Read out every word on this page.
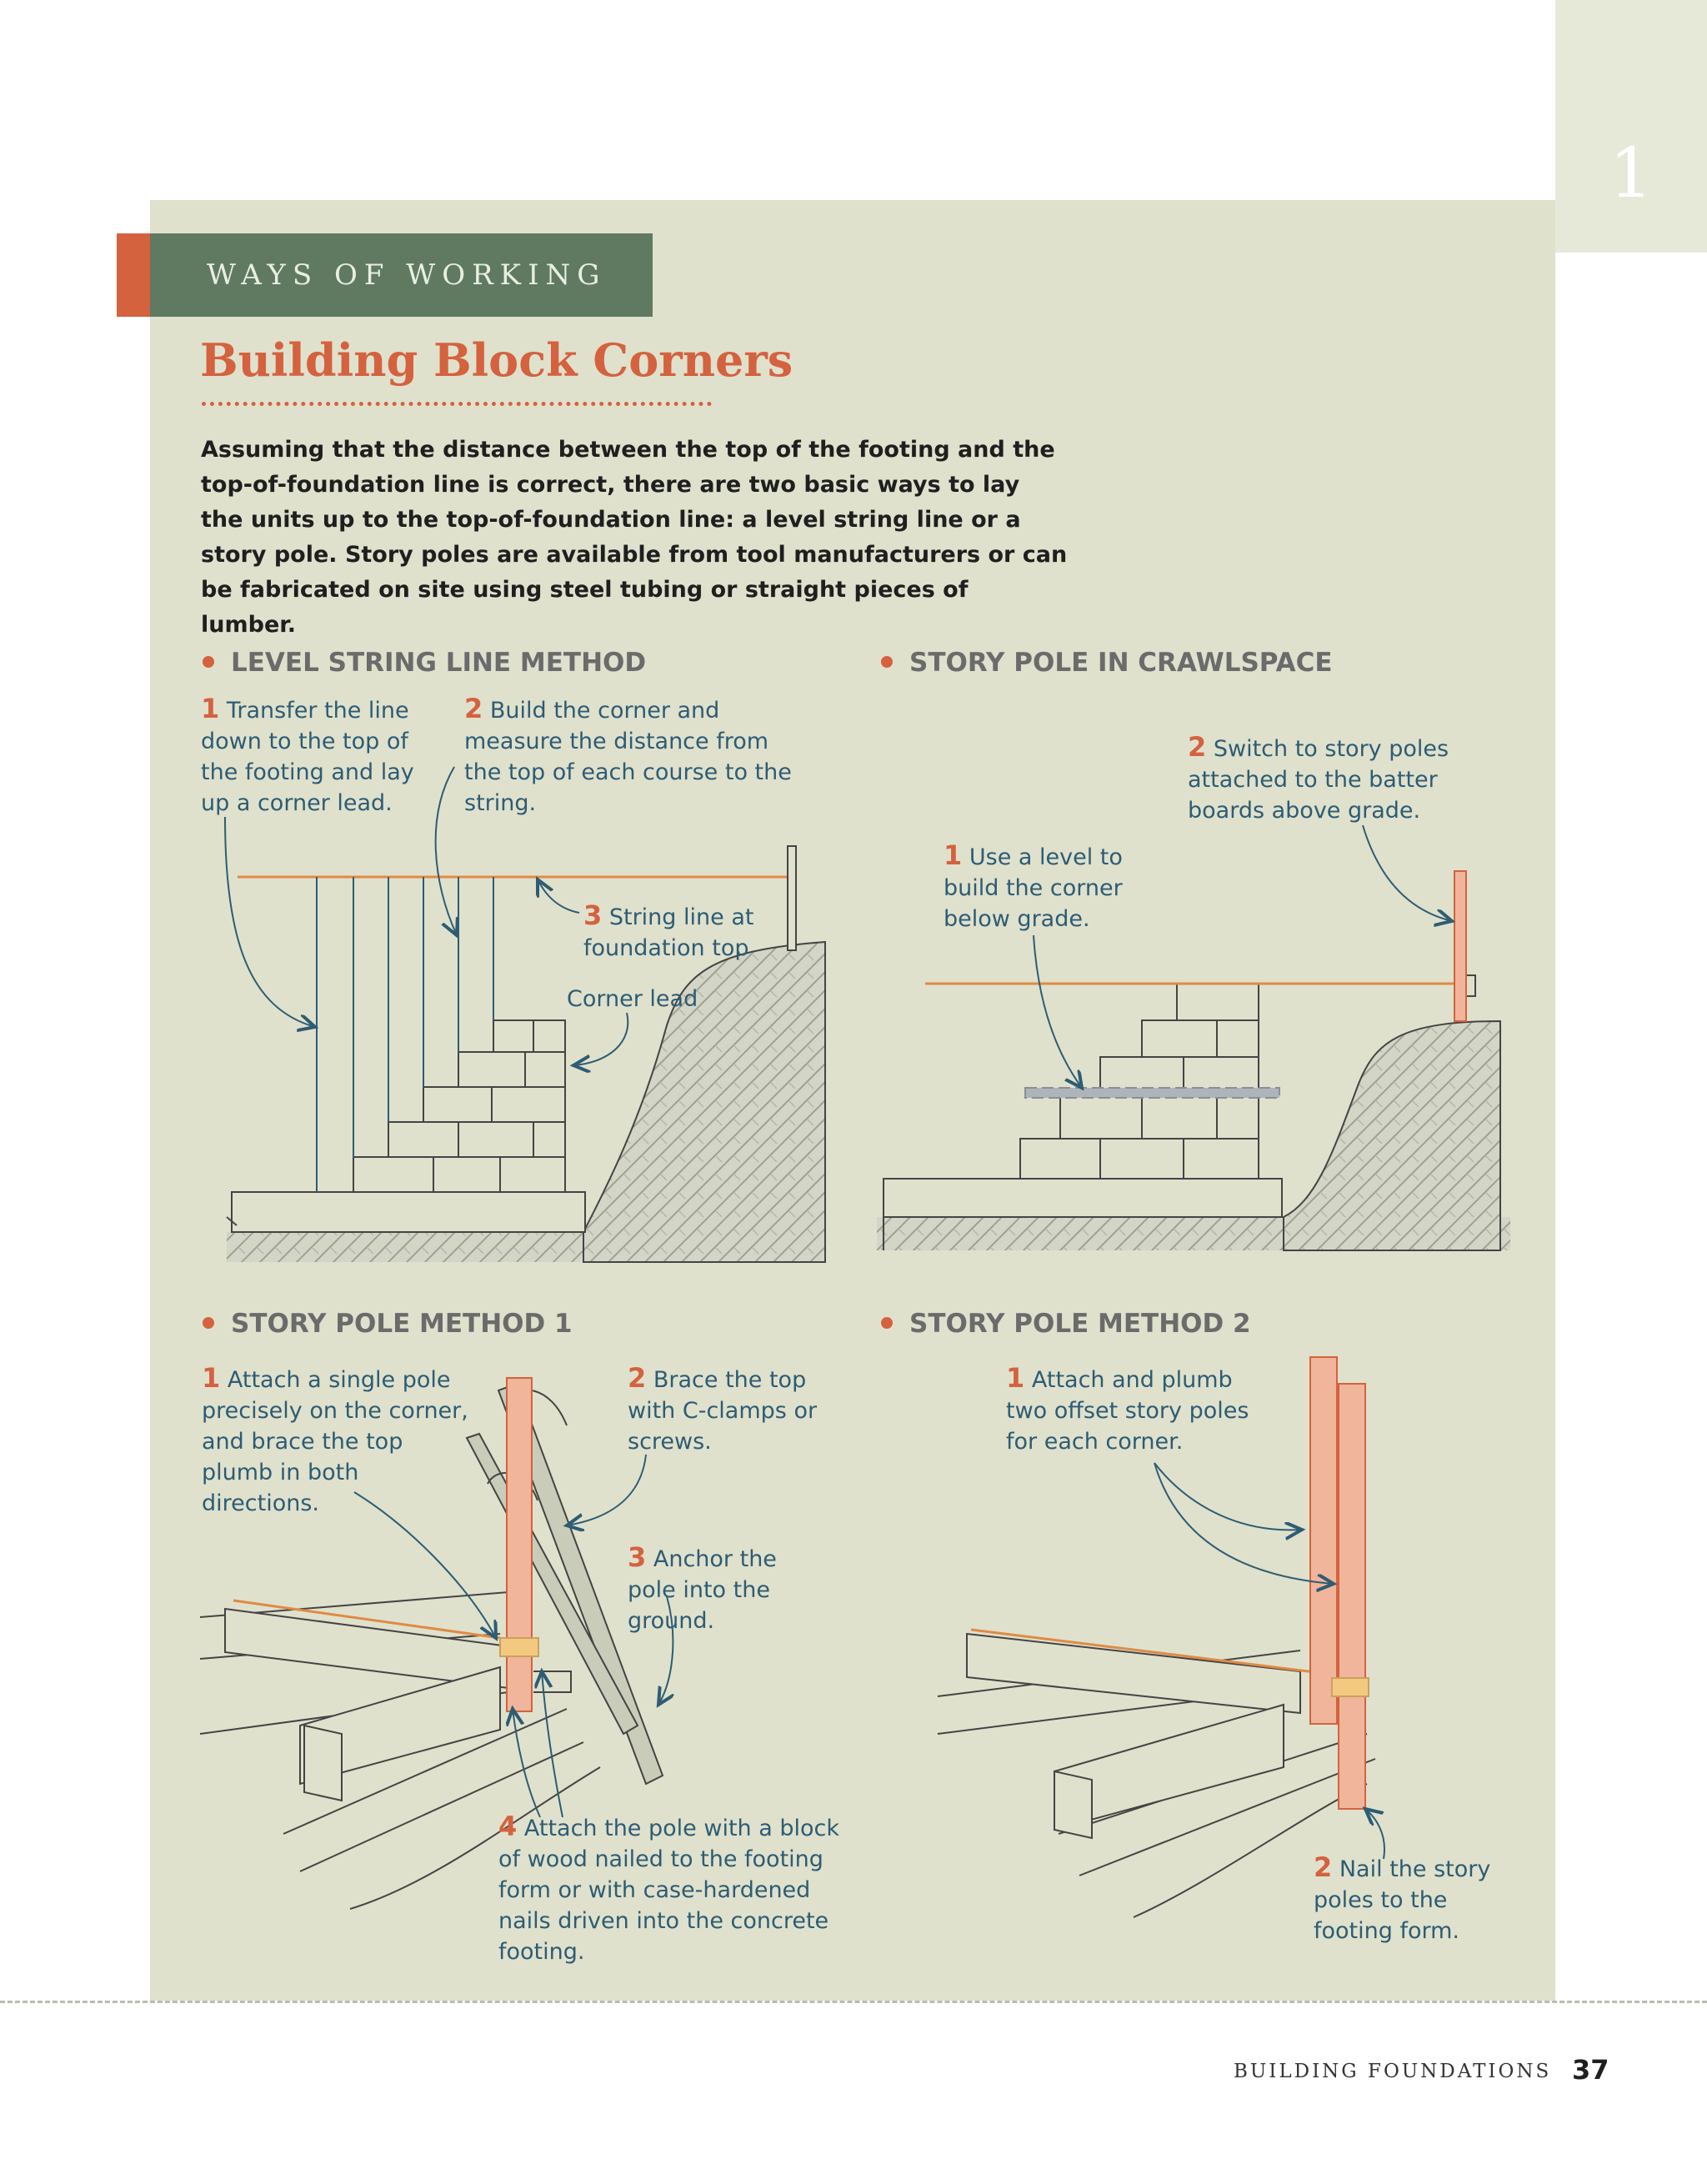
1
WAYS OF WORKING
Building Block Corners
Assuming that the distance between the top of the footing and the top-of-foundation line is correct, there are two basic ways to lay the units up to the top-of-foundation line: a level string line or a story pole. Story poles are available from tool manufacturers or can be fabricated on site using steel tubing or straight pieces of lumber.
LEVEL STRING LINE METHOD	STORY POLE IN CRAWLSPACE
STORY POLE METHOD 1	STORY POLE METHOD 2
1 Transfer the line down to the top of the footing and lay up a corner lead.
2 Build the corner and measure the distance from the top of each course to the string.
3 String line at foundation top
Corner lead
2 Switch to story poles attached to the batter boards above grade.
1 Use a level to build the corner below grade.
1 Attach a single pole precisely on the corner, and brace the top plumb in both directions.
2 Brace the top with C-clamps or screws.
3 Anchor the pole into the ground.
4 Attach the pole with a block of wood nailed to the footing form or with case-hardened nails driven into the concrete footing.
1 Attach and plumb two offset story poles for each corner.
2 Nail the story poles to the footing form.
BUILDING FOUNDATIONS 37
